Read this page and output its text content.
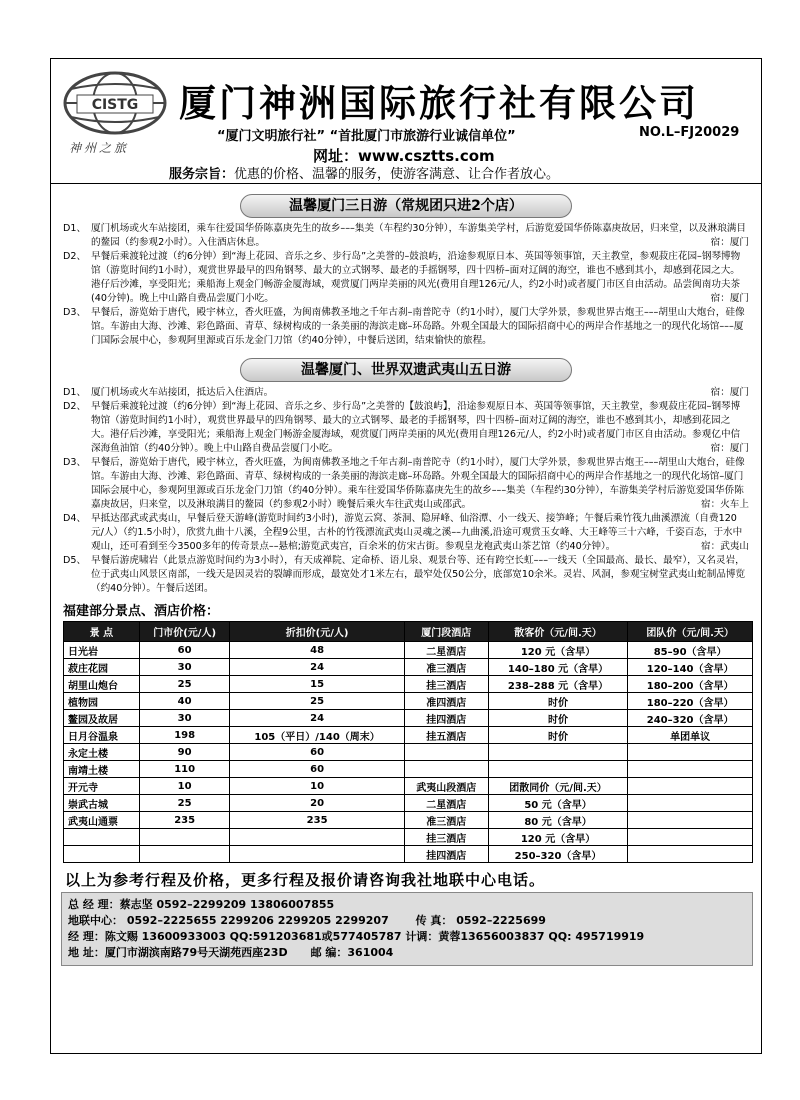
CISTG
神州之旅
厦门神洲国际旅行社有限公司
“厦门文明旅行社” “首批厦门市旅游行业诚信单位”	NO.L–FJ20029
网址：www.csztts.com
服务宗旨：优惠的价格、温馨的服务，使游客满意、让合作者放心。
温馨厦门三日游（常规团只进2个店）
D1、 厦门机场或火车站接团，乘车往爱国华侨陈嘉庚先生的故乡–––集美（车程约30分钟），车游集美学村，后游览爱国华侨陈嘉庚故居，归来堂，以及淋琅满目的鳌园（约参观2小时）。入住酒店休息。	宿：厦门
D2、 早餐后乘渡轮过渡（约6分钟）到“海上花园、音乐之乡、步行岛”之美誉的–鼓浪屿，沿途参观原日本、英国等领事馆，天主教堂，参观菽庄花园–钢琴博物馆（游览时间约1小时），观赏世界最早的四角钢琴、最大的立式钢琴、最老的手摇钢琴，四十四桥–面对辽阔的海空，谁也不感到其小，却感到花园之大。港仔后沙滩，享受阳光；乘船海上观金门畅游金厦海域，观赏厦门两岸美丽的风光(费用自理126元/人，约2小时)或者厦门市区自由活动。品尝闽南功夫茶(40分钟)。晚上中山路自费品尝厦门小吃。	宿：厦门
D3、 早餐后，游览始于唐代，殿宇林立，香火旺盛，为闽南佛教圣地之千年古刹–南普陀寺（约1小时），厦门大学外景，参观世界古炮王–––胡里山大炮台，硅像馆。车游由大海、沙滩、彩色路面、青草、绿树构成的一条美丽的海滨走廊–环岛路。外观全国最大的国际招商中心的两岸合作基地之一的现代化场馆–––厦门国际会展中心，参观阿里源或百乐龙金门刀馆（约40分钟），中餐后送团，结束愉快的旅程。
温馨厦门、世界双遗武夷山五日游
D1、 厦门机场或火车站接团，抵达后入住酒店。	宿：厦门
D2、 早餐后乘渡轮过渡（约6分钟）到“海上花园、音乐之乡、步行岛”之美誉的【鼓浪屿】，沿途参观原日本、英国等领事馆，天主教堂，参观菽庄花园–钢琴博物馆（游览时间约1小时），观赏世界最早的四角钢琴、最大的立式钢琴、最老的手摇钢琴，四十四桥–面对辽阔的海空，谁也不感到其小，却感到花园之大。港仔后沙滩，享受阳光；乘船海上观金门畅游金厦海域，观赏厦门两岸美丽的风光(费用自理126元/人，约2小时)或者厦门市区自由活动。参观亿中信深海鱼油馆（约40分钟）。晚上中山路自费品尝厦门小吃。	宿：厦门
D3、 早餐后，游览始于唐代，殿宇林立，香火旺盛，为闽南佛教圣地之千年古刹–南普陀寺（约1小时），厦门大学外景，参观世界古炮王–––胡里山大炮台，硅像馆。车游由大海、沙滩、彩色路面、青草、绿树构成的一条美丽的海滨走廊–环岛路。外观全国最大的国际招商中心的两岸合作基地之一的现代化场馆–厦门国际会展中心，参观阿里源或百乐龙金门刀馆（约40分钟）。乘车往爱国华侨陈嘉庚先生的故乡–––集美（车程约30分钟），车游集美学村后游览爱国华侨陈嘉庚故居，归来堂，以及淋琅满目的鳌园（约参观2小时）晚餐后乘火车往武夷山或邵武。	宿：火车上
D4、 早抵达邵武或武夷山，早餐后登天游峰(游览时间约3小时)，游览云窝、茶洞、隐屏峰、仙浴潭、小一线天、接笋峰；午餐后乘竹筏九曲溪漂流（自费120元/人）（约1.5小时），欣赏九曲十八溪，全程9公里，古朴的竹筏漂流武夷山灵魂之溪––九曲溪,沿途可观赏玉女峰、大王峰等三十六峰，千姿百态，于水中观山，还可看到至今3500多年的传奇景点––悬棺;游览武夷宫，百余米的仿宋古街。参观皇龙袍武夷山茶艺馆（约40分钟）。	宿：武夷山
D5、 早餐后游虎啸岩（此景点游览时间约为3小时），有天成禅院、定命桥、语儿泉、观景台等、还有跨空长虹–––一线天（全国最高、最长、最窄），又名灵岩，位于武夷山风景区南部，一线天是因灵岩的裂罅而形成，最宽处才1米左右，最窄处仅50公分，底部宽10余米。灵岩、风洞，参观宝树堂武夷山蛇制品博览（约40分钟）。午餐后送团。
福建部分景点、酒店价格：
景 点	门市价(元/人)	折扣价(元/人)	厦门段酒店	散客价（元/间.天）	团队价（元/间.天）
日光岩	60	48	二星酒店	120 元（含早）	85–90（含早）
菽庄花园	30	24	准三酒店	140–180 元（含早）	120–140（含早）
胡里山炮台	25	15	挂三酒店	238–288 元（含早）	180–200（含早）
植物园	40	25	准四酒店	时价	180–220（含早）
鳌园及故居	30	24	挂四酒店	时价	240–320（含早）
日月谷温泉	198	105（平日）/140（周末）	挂五酒店	时价	单团单议
永定土楼	90	60			
南靖土楼	110	60			
开元寺	10	10	武夷山段酒店	团散同价（元/间.天）	
崇武古城	25	20	二星酒店	50 元（含早）	
武夷山通票	235	235	准三酒店	80 元（含早）	
			挂三酒店	120 元（含早）	
			挂四酒店	250–320（含早）	
以上为参考行程及价格，更多行程及报价请咨询我社地联中心电话。
总 经 理：蔡志坚 0592–2299209 13806007855
地联中心： 0592–2225655 2299206 2299205 2299207 传 真： 0592–2225699
经 理：陈文赐 13600933003 QQ:591203681或577405787 计调：黄蓉13656003837 QQ: 495719919
地 址：厦门市湖滨南路79号天湖苑西座23D 邮 编：361004
